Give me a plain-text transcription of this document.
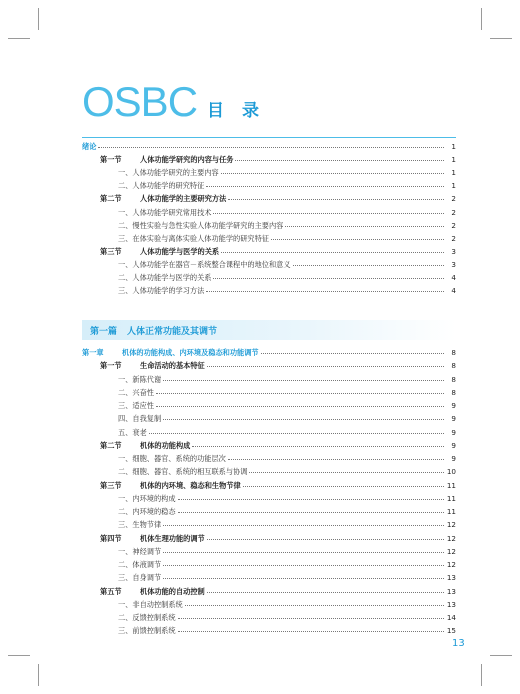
OSBC 目 录
绪论	1
第一节	人体功能学研究的内容与任务	1
一、人体功能学研究的主要内容	1
二、人体功能学的研究特征	1
第二节	人体功能学的主要研究方法	2
一、人体功能学研究常用技术	2
二、慢性实验与急性实验人体功能学研究的主要内容	2
三、在体实验与离体实验人体功能学的研究特征	2
第三节	人体功能学与医学的关系	3
一、人体功能学在器官－系统整合课程中的地位和意义	3
二、人体功能学与医学的关系	4
三、人体功能学的学习方法	4
第一篇 人体正常功能及其调节
第一章	机体的功能构成、内环境及稳态和功能调节	8
第一节	生命活动的基本特征	8
一、新陈代谢	8
二、兴奋性	8
三、适应性	9
四、自我复制	9
五、衰老	9
第二节	机体的功能构成	9
一、细胞、器官、系统的功能层次	9
二、细胞、器官、系统的相互联系与协调	10
第三节	机体的内环境、稳态和生物节律	11
一、内环境的构成	11
二、内环境的稳态	11
三、生物节律	12
第四节	机体生理功能的调节	12
一、神经调节	12
二、体液调节	12
三、自身调节	13
第五节	机体功能的自动控制	13
一、非自动控制系统	13
二、反馈控制系统	14
三、前馈控制系统	15
13
